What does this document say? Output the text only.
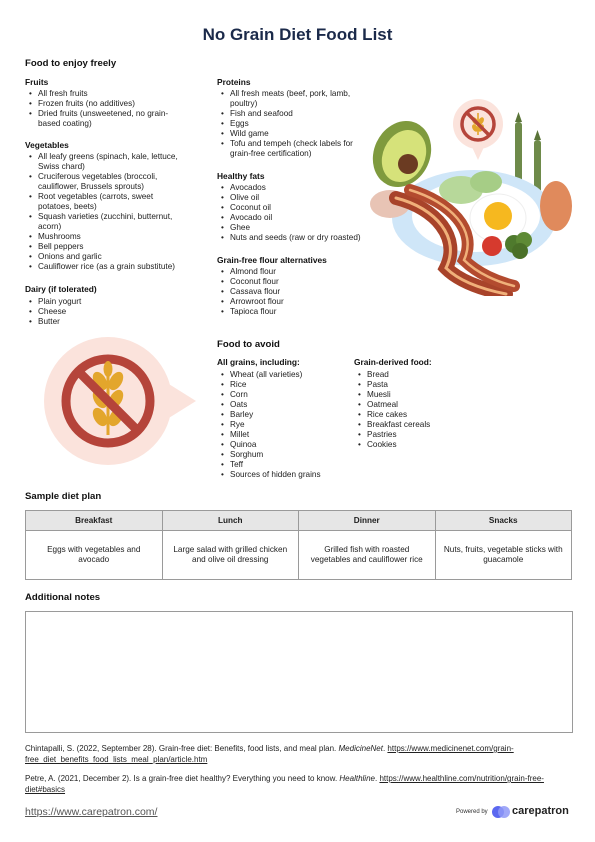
No Grain Diet Food List
Food to enjoy freely
Fruits
• All fresh fruits
• Frozen fruits (no additives)
• Dried fruits (unsweetened, no grain-
based coating)
Vegetables
• All leafy greens (spinach, kale, lettuce,
Swiss chard)
• Cruciferous vegetables (broccoli,
cauliflower, Brussels sprouts)
• Root vegetables (carrots, sweet
potatoes, beets)
• Squash varieties (zucchini, butternut,
acorn)
• Mushrooms
• Bell peppers
• Onions and garlic
• Cauliflower rice (as a grain substitute)
Dairy (if tolerated)
• Plain yogurt
• Cheese
• Butter
Proteins
• All fresh meats (beef, pork, lamb,
poultry)
• Fish and seafood
• Eggs
• Wild game
• Tofu and tempeh (check labels for
grain-free certification)
Healthy fats
• Avocados
• Olive oil
• Coconut oil
• Avocado oil
• Ghee
• Nuts and seeds (raw or dry roasted)
Grain-free flour alternatives
• Almond flour
• Coconut flour
• Cassava flour
• Arrowroot flour
• Tapioca flour
Food to avoid
All grains, including:
• Wheat (all varieties)
• Rice
• Corn
• Oats
• Barley
• Rye
• Millet
• Quinoa
• Sorghum
• Teff
• Sources of hidden grains
Grain-derived food:
• Bread
• Pasta
• Muesli
• Oatmeal
• Rice cakes
• Breakfast cereals
• Pastries
• Cookies
Sample diet plan
Breakfast	Lunch	Dinner	Snacks
Eggs with vegetables and avocado	Large salad with grilled chicken and olive oil dressing	Grilled fish with roasted vegetables and cauliflower rice	Nuts, fruits, vegetable sticks with guacamole
Additional notes
Chintapalli, S. (2022, September 28). Grain-free diet: Benefits, food lists, and meal plan. MedicineNet. https://www.medicinenet.com/grain-free_diet_benefits_food_lists_meal_plan/article.htm
Petre, A. (2021, December 2). Is a grain-free diet healthy? Everything you need to know. Healthline. https://www.healthline.com/nutrition/grain-free-diet#basics
https://www.carepatron.com/	Powered by carepatron
